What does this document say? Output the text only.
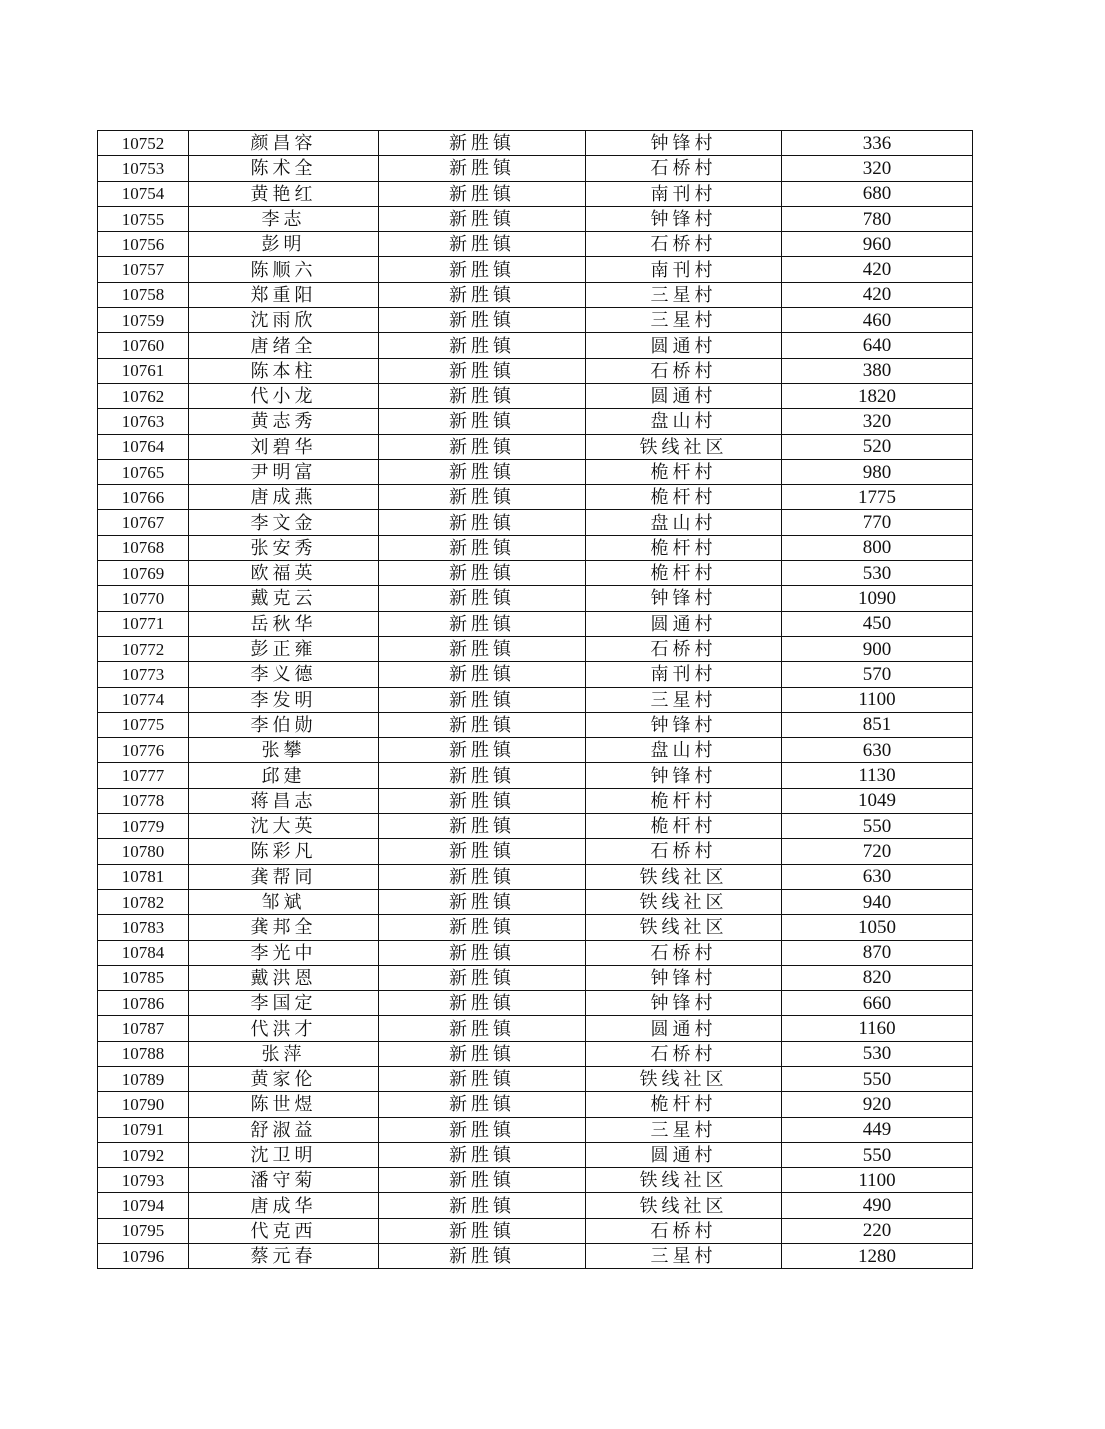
10752	颜昌容	新胜镇	钟锋村	336
10753	陈术全	新胜镇	石桥村	320
10754	黄艳红	新胜镇	南刊村	680
10755	李志	新胜镇	钟锋村	780
10756	彭明	新胜镇	石桥村	960
10757	陈顺六	新胜镇	南刊村	420
10758	郑重阳	新胜镇	三星村	420
10759	沈雨欣	新胜镇	三星村	460
10760	唐绪全	新胜镇	圆通村	640
10761	陈本柱	新胜镇	石桥村	380
10762	代小龙	新胜镇	圆通村	1820
10763	黄志秀	新胜镇	盘山村	320
10764	刘碧华	新胜镇	铁线社区	520
10765	尹明富	新胜镇	桅杆村	980
10766	唐成燕	新胜镇	桅杆村	1775
10767	李文金	新胜镇	盘山村	770
10768	张安秀	新胜镇	桅杆村	800
10769	欧福英	新胜镇	桅杆村	530
10770	戴克云	新胜镇	钟锋村	1090
10771	岳秋华	新胜镇	圆通村	450
10772	彭正雍	新胜镇	石桥村	900
10773	李义德	新胜镇	南刊村	570
10774	李发明	新胜镇	三星村	1100
10775	李伯勋	新胜镇	钟锋村	851
10776	张攀	新胜镇	盘山村	630
10777	邱建	新胜镇	钟锋村	1130
10778	蒋昌志	新胜镇	桅杆村	1049
10779	沈大英	新胜镇	桅杆村	550
10780	陈彩凡	新胜镇	石桥村	720
10781	龚帮同	新胜镇	铁线社区	630
10782	邹斌	新胜镇	铁线社区	940
10783	龚邦全	新胜镇	铁线社区	1050
10784	李光中	新胜镇	石桥村	870
10785	戴洪恩	新胜镇	钟锋村	820
10786	李国定	新胜镇	钟锋村	660
10787	代洪才	新胜镇	圆通村	1160
10788	张萍	新胜镇	石桥村	530
10789	黄家伦	新胜镇	铁线社区	550
10790	陈世煜	新胜镇	桅杆村	920
10791	舒淑益	新胜镇	三星村	449
10792	沈卫明	新胜镇	圆通村	550
10793	潘守菊	新胜镇	铁线社区	1100
10794	唐成华	新胜镇	铁线社区	490
10795	代克西	新胜镇	石桥村	220
10796	蔡元春	新胜镇	三星村	1280
